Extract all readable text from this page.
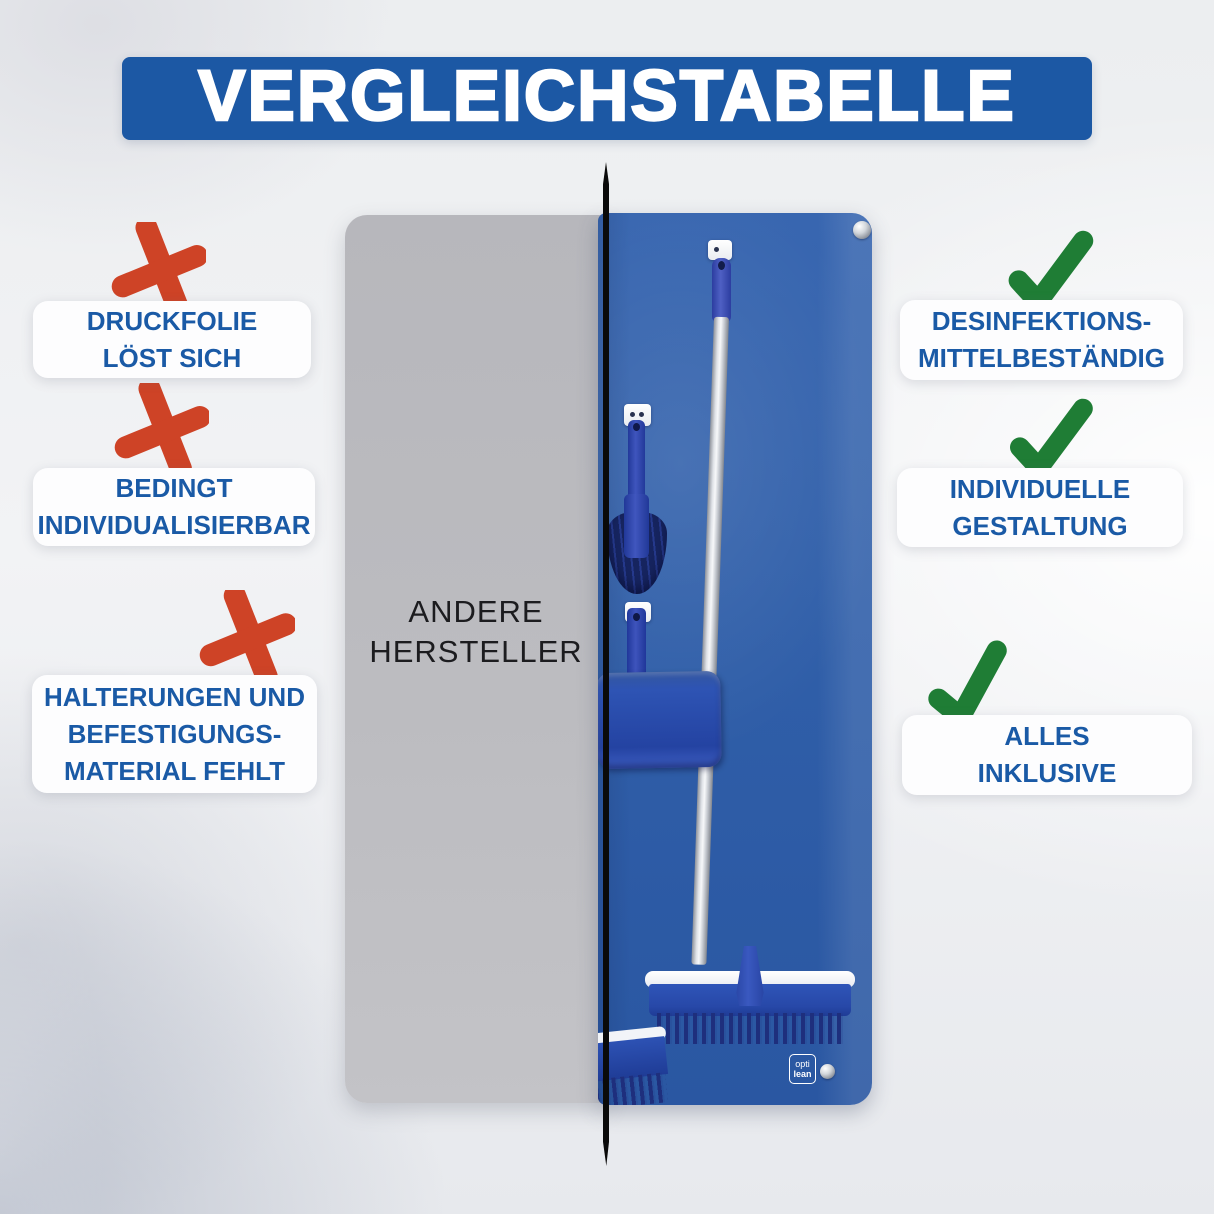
VERGLEICHSTABELLE
DRUCKFOLIE
LÖST SICH
BEDINGT
INDIVIDUALISIERBAR
HALTERUNGEN UND
BEFESTIGUNGS-
MATERIAL FEHLT
ANDERE
HERSTELLER
opti
lean
DESINFEKTIONS-
MITTELBESTÄNDIG
INDIVIDUELLE
GESTALTUNG
ALLES
INKLUSIVE
